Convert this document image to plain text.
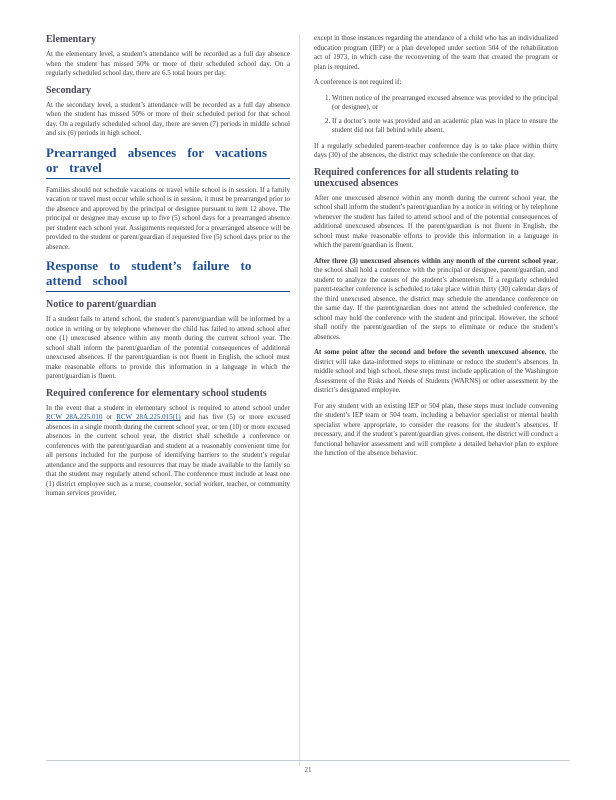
Elementary

At the elementary level, a student’s attendance will be recorded as a full day absence when the student has missed 50% or more of their scheduled school day. On a regularly scheduled school day, there are 6.5 total hours per day.

Secondary

At the secondary level, a student’s attendance will be recorded as a full day absence when the student has missed 50% or more of their scheduled period for that school day. On a regularly scheduled school day, there are seven (7) periods in middle school and six (6) periods in high school.

Prearranged absences for vacations or travel

Families should not schedule vacations or travel while school is in session. If a family vacation or travel must occur while school is in session, it must be prearranged prior to the absence and approved by the principal or designee pursuant to item 12 above. The principal or designee may excuse up to five (5) school days for a prearranged absence per student each school year. Assignments requested for a prearranged absence will be provided to the student or parent/guardian if requested five (5) school days prior to the absence.

Response to student’s failure to attend school
Notice to parent/guardian

If a student fails to attend school, the student’s parent/guardian will be informed by a notice in writing or by telephone whenever the child has failed to attend school after one (1) unexcused absence within any month during the current school year. The school shall inform the parent/guardian of the potential consequences of additional unexcused absences. If the parent/guardian is not fluent in English, the school must make reasonable efforts to provide this information in a language in which the parent/guardian is fluent.

Required conference for elementary school students

In the event that a student in elementary school is required to attend school under RCW 28A.225.010 or RCW 28A.225.015(1) and has five (5) or more excused absences in a single month during the current school year, or ten (10) or more excused absences in the current school year, the district shall schedule a conference or conferences with the parent/guardian and student at a reasonably convenient time for all persons included for the purpose of identifying barriers to the student’s regular attendance and the supports and resources that may be made available to the family so that the student may regularly attend school. The conference must include at least one (1) district employee such as a nurse, counselor, social worker, teacher, or community human services provider,

except in those instances regarding the attendance of a child who has an individualized education program (IEP) or a plan developed under section 504 of the rehabilitation act of 1973, in which case the reconvening of the team that created the program or plan is required.

A conference is not required if:

1. Written notice of the prearranged excused absence was provided to the principal (or designee), or
2. If a doctor’s note was provided and an academic plan was in place to ensure the student did not fall behind while absent.

If a regularly scheduled parent-teacher conference day is to take place within thirty days (30) of the absences, the district may schedule the conference on that day.

Required conferences for all students relating to unexcused absences

After one unexcused absence within any month during the current school year, the school shall inform the student’s parent/guardian by a notice in writing or by telephone whenever the student has failed to attend school and of the potential consequences of additional unexcused absences. If the parent/guardian is not fluent in English, the school must make reasonable efforts to provide this information in a language in which the parent/guardian is fluent.

After three (3) unexcused absences within any month of the current school year, the school shall hold a conference with the principal or designee, parent/guardian, and student to analyze the causes of the student’s absenteeism. If a regularly scheduled parent-teacher conference is scheduled to take place within thirty (30) calendar days of the third unexcused absence, the district may schedule the attendance conference on the same day. If the parent/guardian does not attend the scheduled conference, the school may hold the conference with the student and principal. However, the school shall notify the parent/guardian of the steps to eliminate or reduce the student’s absences.

At some point after the second and before the seventh unexcused absence, the district will take data-informed steps to eliminate or reduce the student’s absences. In middle school and high school, these steps must include application of the Washington Assessment of the Risks and Needs of Students (WARNS) or other assessment by the district’s designated employee.

For any student with an existing IEP or 504 plan, these steps must include convening the student’s IEP team or 504 team, including a behavior specialist or mental health specialist where appropriate, to consider the reasons for the student’s absences. If necessary, and if the student’s parent/guardian gives consent, the district will conduct a functional behavior assessment and will complete a detailed behavior plan to explore the function of the absence behavior.

21
